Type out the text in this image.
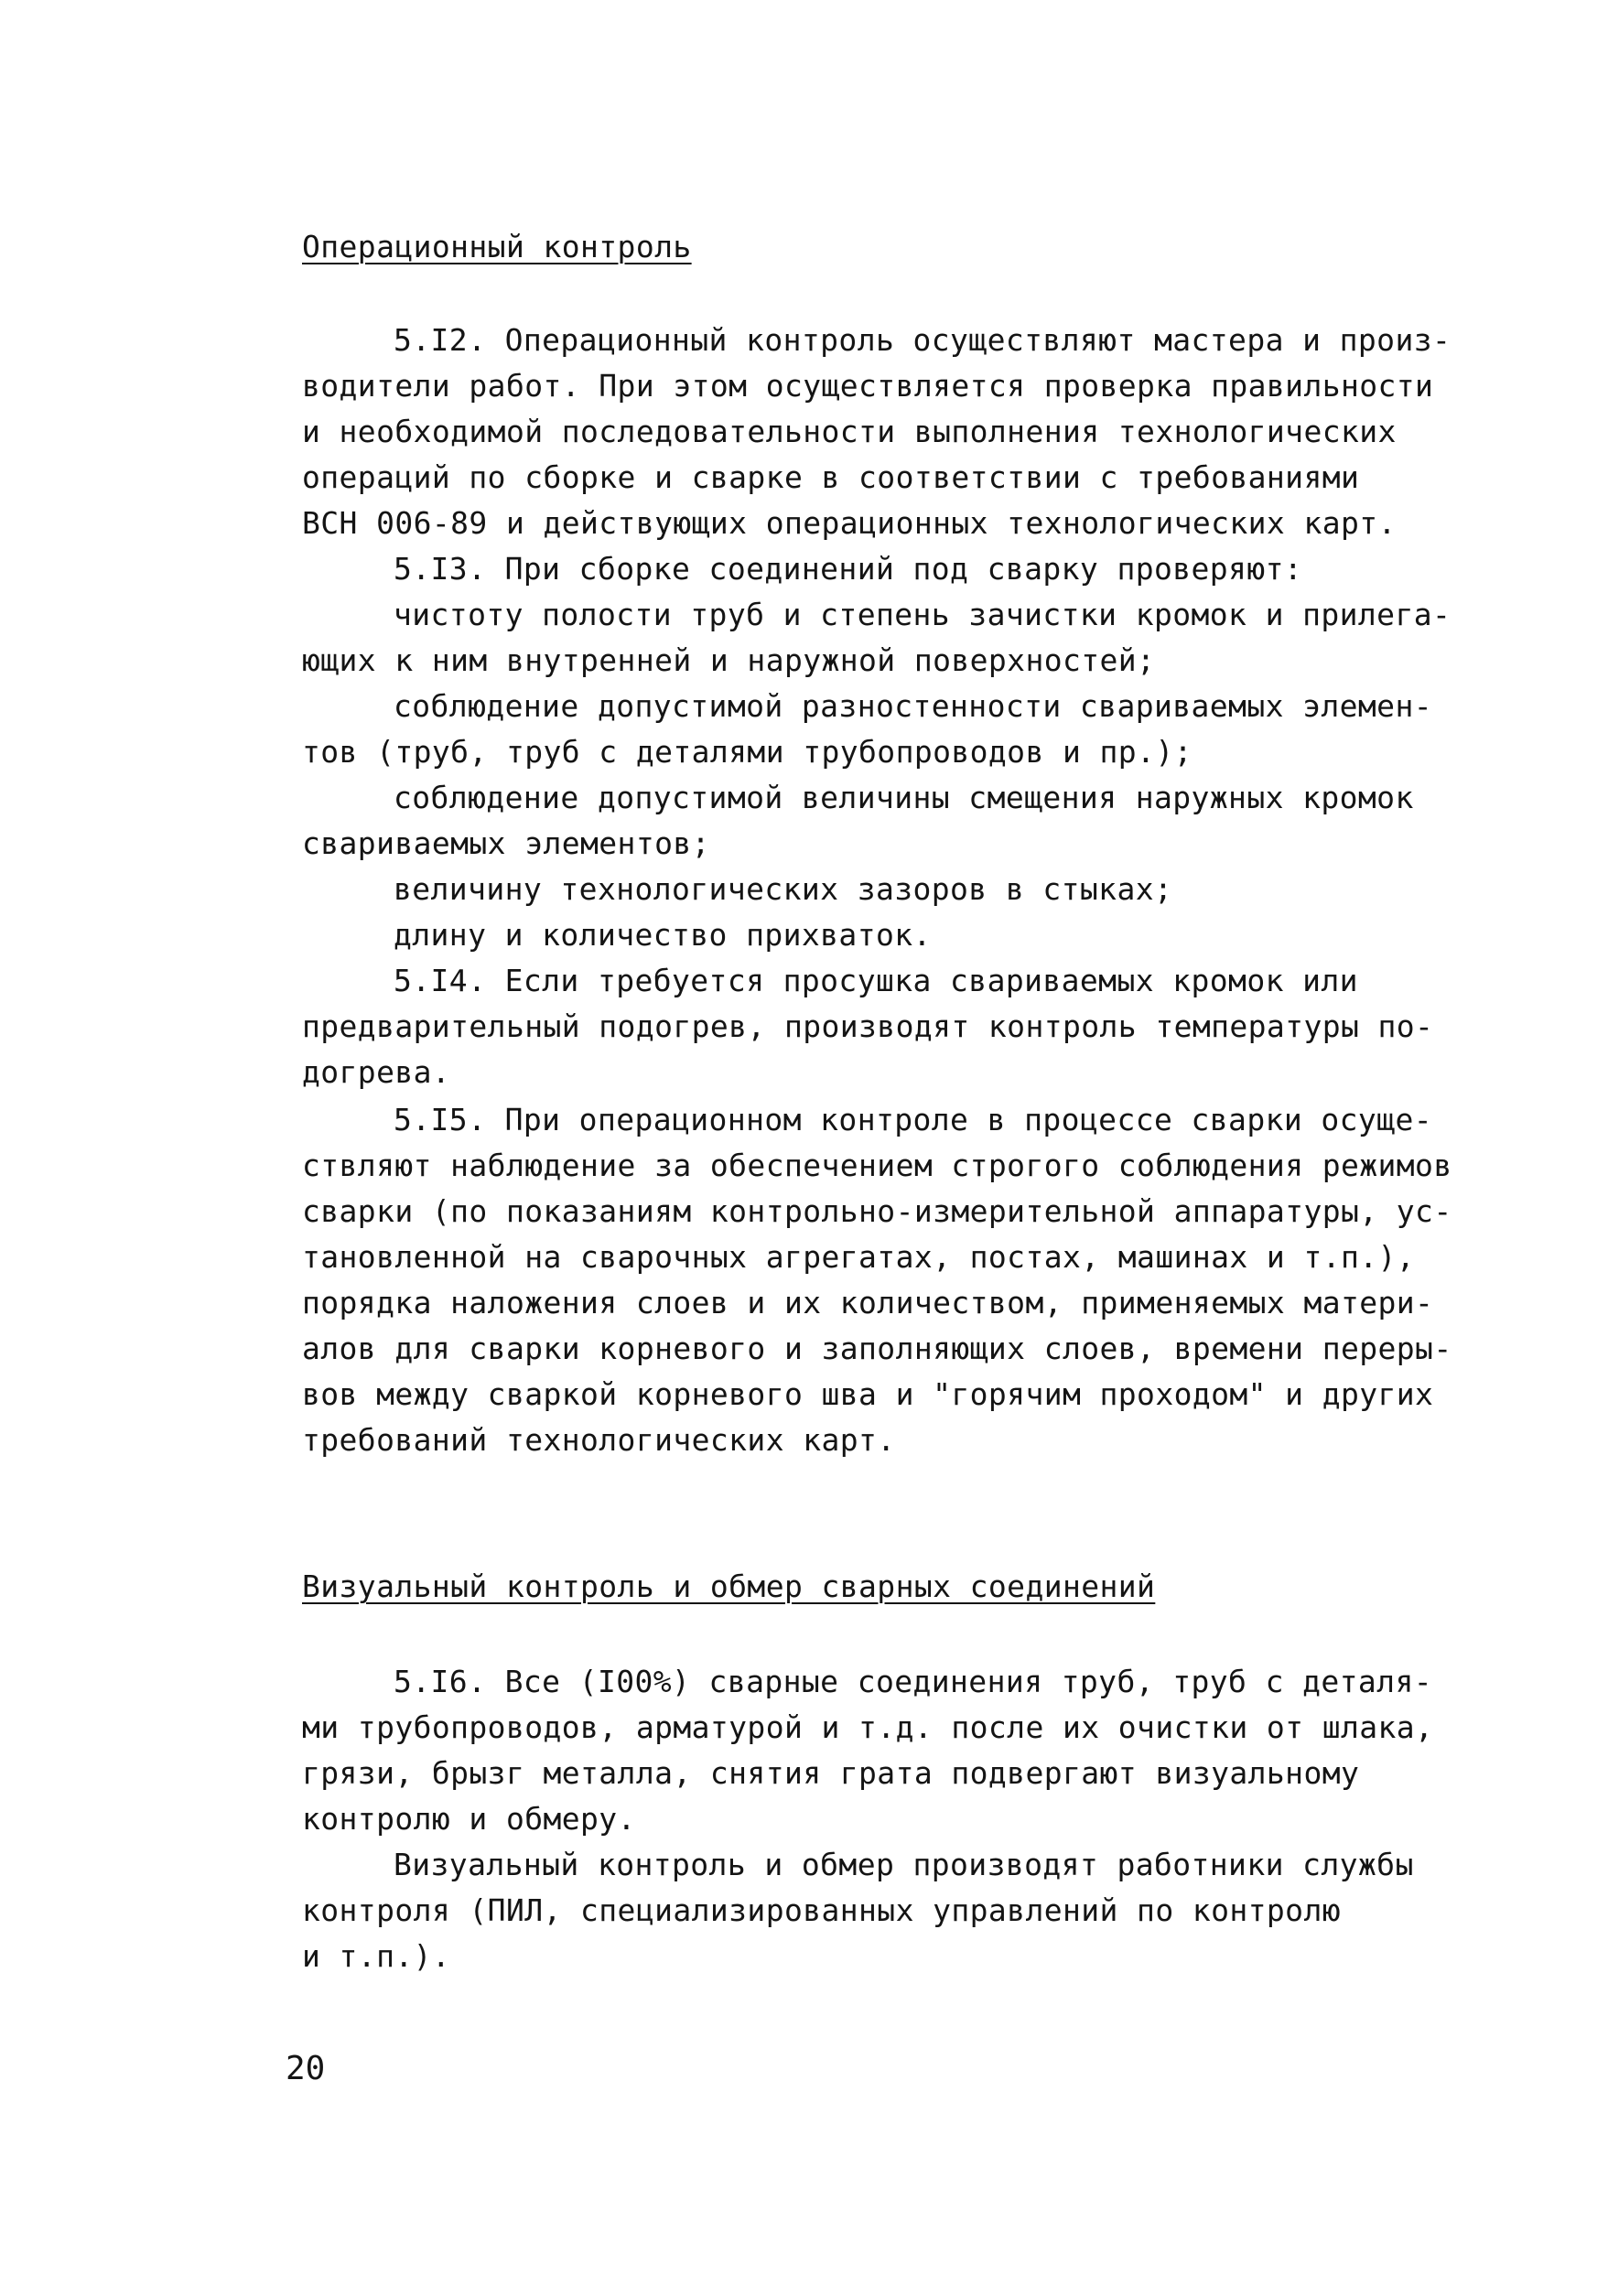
Операционный контроль
5.I2. Операционный контроль осуществляют мастера и произ-
водители работ. При этом осуществляется проверка правильности
и необходимой последовательности выполнения технологических
операций по сборке и сварке в соответствии с требованиями
ВСН 006-89 и действующих операционных технологических карт.
5.I3. При сборке соединений под сварку проверяют:
чистоту полости труб и степень зачистки кромок и прилега-
ющих к ним внутренней и наружной поверхностей;
соблюдение допустимой разностенности свариваемых элемен-
тов (труб, труб с деталями трубопроводов и пр.);
соблюдение допустимой величины смещения наружных кромок
свариваемых элементов;
величину технологических зазоров в стыках;
длину и количество прихваток.
5.I4. Если требуется просушка свариваемых кромок или
предварительный подогрев, производят контроль температуры по-
догрева.
5.I5. При операционном контроле в процессе сварки осуще-
ствляют наблюдение за обеспечением строгого соблюдения режимов
сварки (по показаниям контрольно-измерительной аппаратуры, ус-
тановленной на сварочных агрегатах, постах, машинах и т.п.),
порядка наложения слоев и их количеством, применяемых матери-
алов для сварки корневого и заполняющих слоев, времени переры-
вов между сваркой корневого шва и "горячим проходом" и других
требований технологических карт.
Визуальный контроль и обмер сварных соединений
5.I6. Все (I00%) сварные соединения труб, труб с деталя-
ми трубопроводов, арматурой и т.д. после их очистки от шлака,
грязи, брызг металла, снятия грата подвергают визуальному
контролю и обмеру.
Визуальный контроль и обмер производят работники службы
контроля (ПИЛ, специализированных управлений по контролю
и т.п.).
20
